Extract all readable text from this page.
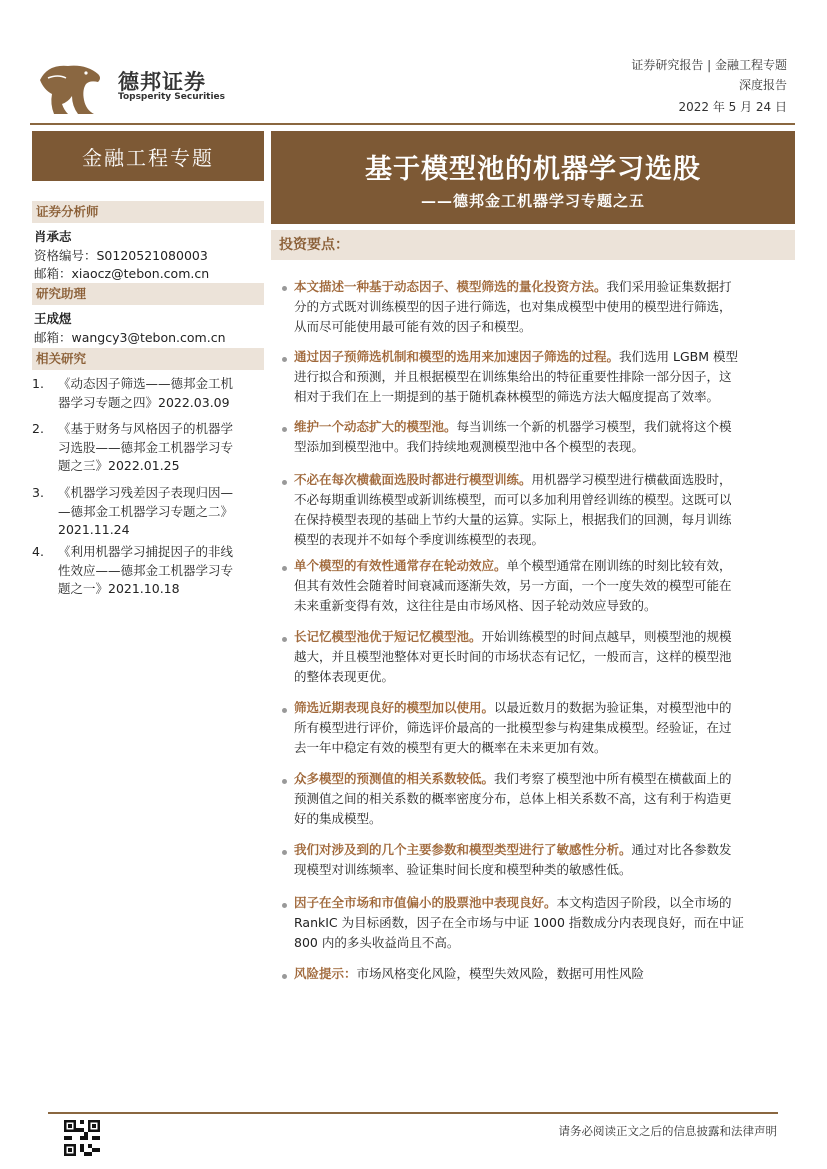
德邦证券
Topsperity Securities
证券研究报告 | 金融工程专题
深度报告
2022 年 5 月 24 日
金融工程专题
证券分析师
肖承志
资格编号：S0120521080003
邮箱：xiaocz@tebon.com.cn
研究助理
王成煜
邮箱：wangcy3@tebon.com.cn
相关研究
1. 《动态因子筛选——德邦金工机
器学习专题之四》2022.03.09
2. 《基于财务与风格因子的机器学
习选股——德邦金工机器学习专
题之三》2022.01.25
3. 《机器学习残差因子表现归因—
—德邦金工机器学习专题之二》
2021.11.24
4. 《利用机器学习捕捉因子的非线
性效应——德邦金工机器学习专
题之一》2021.10.18
基于模型池的机器学习选股
——德邦金工机器学习专题之五
投资要点：
本文描述一种基于动态因子、模型筛选的量化投资方法。我们采用验证集数据打
分的方式既对训练模型的因子进行筛选，也对集成模型中使用的模型进行筛选，
从而尽可能使用最可能有效的因子和模型。
通过因子预筛选机制和模型的选用来加速因子筛选的过程。我们选用 LGBM 模型
进行拟合和预测，并且根据模型在训练集给出的特征重要性排除一部分因子，这
相对于我们在上一期提到的基于随机森林模型的筛选方法大幅度提高了效率。
维护一个动态扩大的模型池。每当训练一个新的机器学习模型，我们就将这个模
型添加到模型池中。我们持续地观测模型池中各个模型的表现。
不必在每次横截面选股时都进行模型训练。用机器学习模型进行横截面选股时，
不必每期重训练模型或新训练模型，而可以多加利用曾经训练的模型。这既可以
在保持模型表现的基础上节约大量的运算。实际上，根据我们的回测，每月训练
模型的表现并不如每个季度训练模型的表现。
单个模型的有效性通常存在轮动效应。单个模型通常在刚训练的时刻比较有效，
但其有效性会随着时间衰减而逐渐失效，另一方面，一个一度失效的模型可能在
未来重新变得有效，这往往是由市场风格、因子轮动效应导致的。
长记忆模型池优于短记忆模型池。开始训练模型的时间点越早，则模型池的规模
越大，并且模型池整体对更长时间的市场状态有记忆，一般而言，这样的模型池
的整体表现更优。
筛选近期表现良好的模型加以使用。以最近数月的数据为验证集，对模型池中的
所有模型进行评价，筛选评价最高的一批模型参与构建集成模型。经验证，在过
去一年中稳定有效的模型有更大的概率在未来更加有效。
众多模型的预测值的相关系数较低。我们考察了模型池中所有模型在横截面上的
预测值之间的相关系数的概率密度分布，总体上相关系数不高，这有利于构造更
好的集成模型。
我们对涉及到的几个主要参数和模型类型进行了敏感性分析。通过对比各参数发
现模型对训练频率、验证集时间长度和模型种类的敏感性低。
因子在全市场和市值偏小的股票池中表现良好。本文构造因子阶段，以全市场的
RankIC 为目标函数，因子在全市场与中证 1000 指数成分内表现良好，而在中证
800 内的多头收益尚且不高。
风险提示：市场风格变化风险，模型失效风险，数据可用性风险
请务必阅读正文之后的信息披露和法律声明
